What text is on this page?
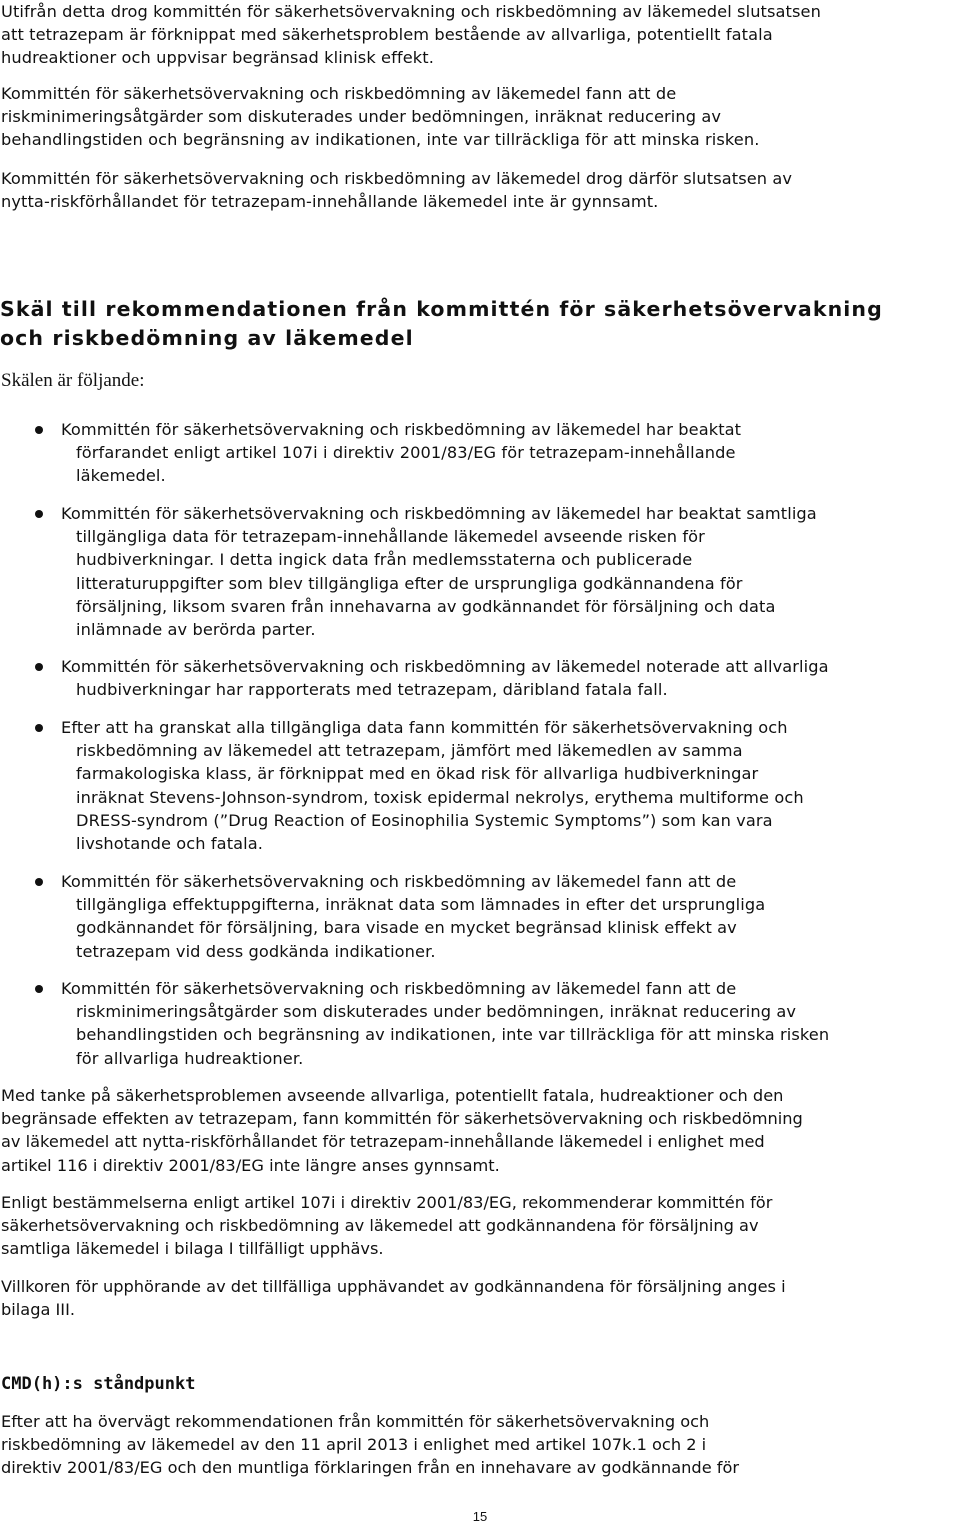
Utifrån detta drog kommittén för säkerhetsövervakning och riskbedömning av läkemedel slutsatsen
att tetrazepam är förknippat med säkerhetsproblem bestående av allvarliga, potentiellt fatala
hudreaktioner och uppvisar begränsad klinisk effekt.

Kommittén för säkerhetsövervakning och riskbedömning av läkemedel fann att de
riskminimeringsåtgärder som diskuterades under bedömningen, inräknat reducering av
behandlingstiden och begränsning av indikationen, inte var tillräckliga för att minska risken.

Kommittén för säkerhetsövervakning och riskbedömning av läkemedel drog därför slutsatsen av
nytta-riskförhållandet för tetrazepam-innehållande läkemedel inte är gynnsamt.

Skäl till rekommendationen från kommittén för säkerhetsövervakning
och riskbedömning av läkemedel

Skälen är följande:

Kommittén för säkerhetsövervakning och riskbedömning av läkemedel har beaktat
förfarandet enligt artikel 107i i direktiv 2001/83/EG för tetrazepam-innehållande
läkemedel.

Kommittén för säkerhetsövervakning och riskbedömning av läkemedel har beaktat samtliga
tillgängliga data för tetrazepam-innehållande läkemedel avseende risken för
hudbiverkningar. I detta ingick data från medlemsstaterna och publicerade
litteraturuppgifter som blev tillgängliga efter de ursprungliga godkännandena för
försäljning, liksom svaren från innehavarna av godkännandet för försäljning och data
inlämnade av berörda parter.

Kommittén för säkerhetsövervakning och riskbedömning av läkemedel noterade att allvarliga
hudbiverkningar har rapporterats med tetrazepam, däribland fatala fall.

Efter att ha granskat alla tillgängliga data fann kommittén för säkerhetsövervakning och
riskbedömning av läkemedel att tetrazepam, jämfört med läkemedlen av samma
farmakologiska klass, är förknippat med en ökad risk för allvarliga hudbiverkningar
inräknat Stevens-Johnson-syndrom, toxisk epidermal nekrolys, erythema multiforme och
DRESS-syndrom (”Drug Reaction of Eosinophilia Systemic Symptoms”) som kan vara
livshotande och fatala.

Kommittén för säkerhetsövervakning och riskbedömning av läkemedel fann att de
tillgängliga effektuppgifterna, inräknat data som lämnades in efter det ursprungliga
godkännandet för försäljning, bara visade en mycket begränsad klinisk effekt av
tetrazepam vid dess godkända indikationer.

Kommittén för säkerhetsövervakning och riskbedömning av läkemedel fann att de
riskminimeringsåtgärder som diskuterades under bedömningen, inräknat reducering av
behandlingstiden och begränsning av indikationen, inte var tillräckliga för att minska risken
för allvarliga hudreaktioner.

Med tanke på säkerhetsproblemen avseende allvarliga, potentiellt fatala, hudreaktioner och den
begränsade effekten av tetrazepam, fann kommittén för säkerhetsövervakning och riskbedömning
av läkemedel att nytta-riskförhållandet för tetrazepam-innehållande läkemedel i enlighet med
artikel 116 i direktiv 2001/83/EG inte längre anses gynnsamt.

Enligt bestämmelserna enligt artikel 107i i direktiv 2001/83/EG, rekommenderar kommittén för
säkerhetsövervakning och riskbedömning av läkemedel att godkännandena för försäljning av
samtliga läkemedel i bilaga I tillfälligt upphävs.

Villkoren för upphörande av det tillfälliga upphävandet av godkännandena för försäljning anges i
bilaga III.

CMD(h):s ståndpunkt

Efter att ha övervägt rekommendationen från kommittén för säkerhetsövervakning och
riskbedömning av läkemedel av den 11 april 2013 i enlighet med artikel 107k.1 och 2 i
direktiv 2001/83/EG och den muntliga förklaringen från en innehavare av godkännande för

15
